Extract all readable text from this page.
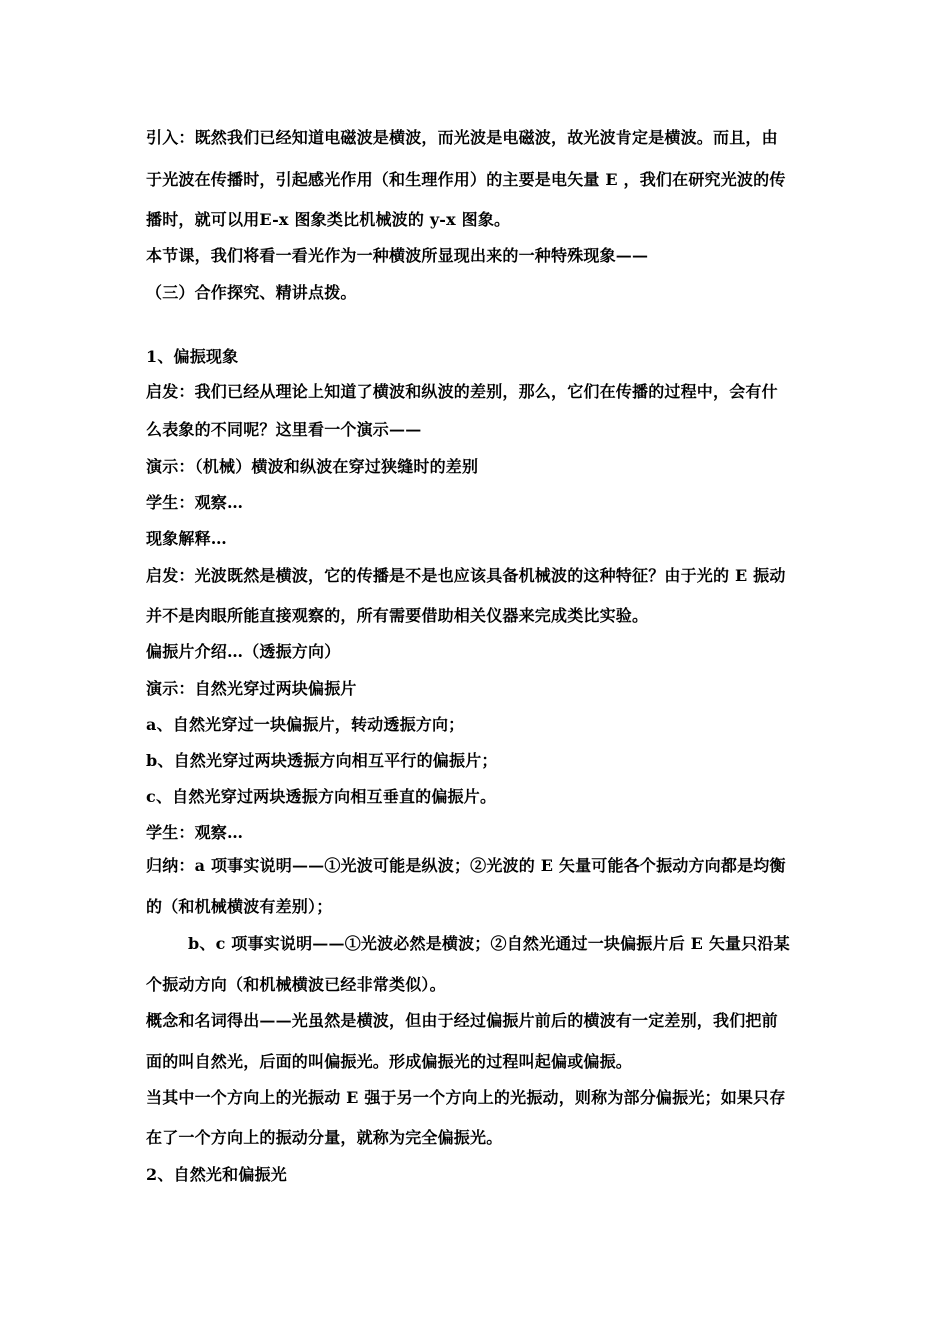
引入：既然我们已经知道电磁波是横波，而光波是电磁波，故光波肯定是横波。而且，由
于光波在传播时，引起感光作用（和生理作用）的主要是电矢量 E ，我们在研究光波的传
播时，就可以用E-x 图象类比机械波的 y-x 图象。
本节课，我们将看一看光作为一种横波所显现出来的一种特殊现象——
（三）合作探究、精讲点拨。
1、偏振现象
启发：我们已经从理论上知道了横波和纵波的差别，那么，它们在传播的过程中，会有什
么表象的不同呢？这里看一个演示——
演示：（机械）横波和纵波在穿过狭缝时的差别
学生：观察…
现象解释…
启发：光波既然是横波，它的传播是不是也应该具备机械波的这种特征？由于光的 E 振动
并不是肉眼所能直接观察的，所有需要借助相关仪器来完成类比实验。
偏振片介绍…（透振方向）
演示：自然光穿过两块偏振片
a、自然光穿过一块偏振片，转动透振方向；
b、自然光穿过两块透振方向相互平行的偏振片；
c、自然光穿过两块透振方向相互垂直的偏振片。
学生：观察…
归纳：a 项事实说明——①光波可能是纵波；②光波的 E 矢量可能各个振动方向都是均衡
的（和机械横波有差别）；
b、c 项事实说明——①光波必然是横波；②自然光通过一块偏振片后 E 矢量只沿某
个振动方向（和机械横波已经非常类似）。
概念和名词得出——光虽然是横波，但由于经过偏振片前后的横波有一定差别，我们把前
面的叫自然光，后面的叫偏振光。形成偏振光的过程叫起偏或偏振。
当其中一个方向上的光振动 E 强于另一个方向上的光振动，则称为部分偏振光；如果只存
在了一个方向上的振动分量，就称为完全偏振光。
2、自然光和偏振光
